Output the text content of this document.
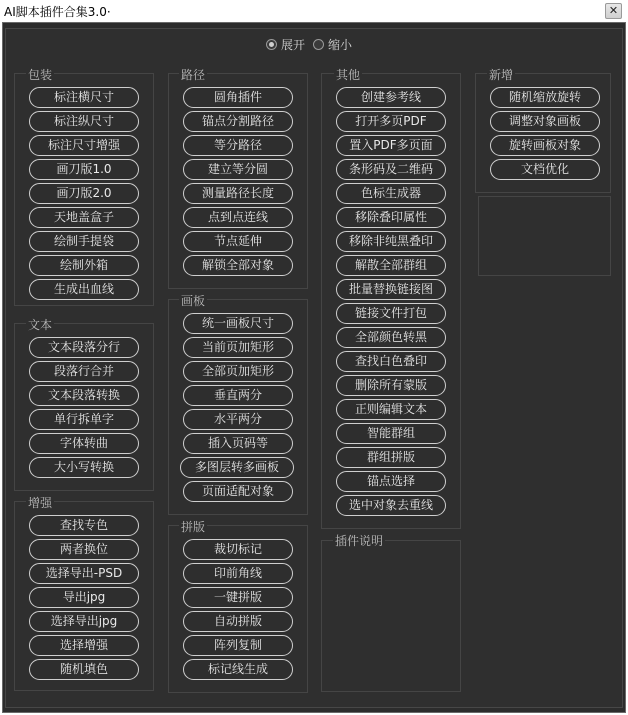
AI脚本插件合集3.0·	✕
展开 缩小
包装
文本
增强
路径
画板
拼版
其他
插件说明
新增
标注横尺寸
标注纵尺寸
标注尺寸增强
画刀版1.0
画刀版2.0
天地盖盒子
绘制手提袋
绘制外箱
生成出血线
文本段落分行
段落行合并
文本段落转换
单行拆单字
字体转曲
大小写转换
查找专色
两者换位
选择导出-PSD
导出jpg
选择导出jpg
选择增强
随机填色
圆角插件
锚点分割路径
等分路径
建立等分圆
测量路径长度
点到点连线
节点延伸
解锁全部对象
统一画板尺寸
当前页加矩形
全部页加矩形
垂直两分
水平两分
插入页码等
多图层转多画板
页面适配对象
裁切标记
印前角线
一键拼版
自动拼版
阵列复制
标记线生成
创建参考线
打开多页PDF
置入PDF多页面
条形码及二维码
色标生成器
移除叠印属性
移除非纯黑叠印
解散全部群组
批量替换链接图
链接文件打包
全部颜色转黑
查找白色叠印
删除所有蒙版
正则编辑文本
智能群组
群组拼版
锚点选择
选中对象去重线
随机缩放旋转
调整对象画板
旋转画板对象
文档优化
